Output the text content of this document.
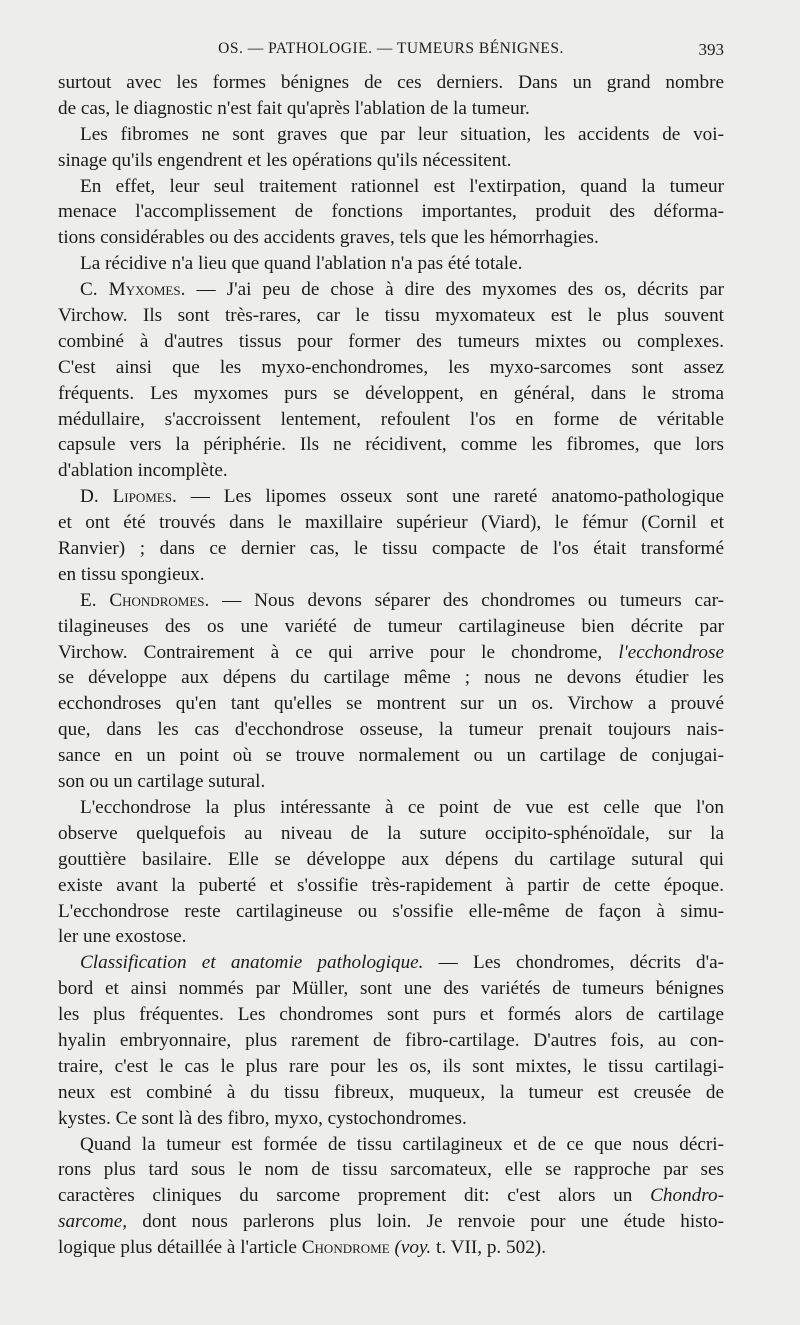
OS. — PATHOLOGIE. — TUMEURS BÉNIGNES.	393
surtout avec les formes bénignes de ces derniers. Dans un grand nombre
de cas, le diagnostic n'est fait qu'après l'ablation de la tumeur.
Les fibromes ne sont graves que par leur situation, les accidents de voi-
sinage qu'ils engendrent et les opérations qu'ils nécessitent.
En effet, leur seul traitement rationnel est l'extirpation, quand la tumeur
menace l'accomplissement de fonctions importantes, produit des déforma-
tions considérables ou des accidents graves, tels que les hémorrhagies.
La récidive n'a lieu que quand l'ablation n'a pas été totale.
C. Myxomes. — J'ai peu de chose à dire des myxomes des os, décrits par
Virchow. Ils sont très-rares, car le tissu myxomateux est le plus souvent
combiné à d'autres tissus pour former des tumeurs mixtes ou complexes.
C'est ainsi que les myxo-enchondromes, les myxo-sarcomes sont assez
fréquents. Les myxomes purs se développent, en général, dans le stroma
médullaire, s'accroissent lentement, refoulent l'os en forme de véritable
capsule vers la périphérie. Ils ne récidivent, comme les fibromes, que lors
d'ablation incomplète.
D. Lipomes. — Les lipomes osseux sont une rareté anatomo-pathologique
et ont été trouvés dans le maxillaire supérieur (Viard), le fémur (Cornil et
Ranvier) ; dans ce dernier cas, le tissu compacte de l'os était transformé
en tissu spongieux.
E. Chondromes. — Nous devons séparer des chondromes ou tumeurs car-
tilagineuses des os une variété de tumeur cartilagineuse bien décrite par
Virchow. Contrairement à ce qui arrive pour le chondrome, l'ecchondrose
se développe aux dépens du cartilage même ; nous ne devons étudier les
ecchondroses qu'en tant qu'elles se montrent sur un os. Virchow a prouvé
que, dans les cas d'ecchondrose osseuse, la tumeur prenait toujours nais-
sance en un point où se trouve normalement ou un cartilage de conjugai-
son ou un cartilage sutural.
L'ecchondrose la plus intéressante à ce point de vue est celle que l'on
observe quelquefois au niveau de la suture occipito-sphénoïdale, sur la
gouttière basilaire. Elle se développe aux dépens du cartilage sutural qui
existe avant la puberté et s'ossifie très-rapidement à partir de cette époque.
L'ecchondrose reste cartilagineuse ou s'ossifie elle-même de façon à simu-
ler une exostose.
Classification et anatomie pathologique. — Les chondromes, décrits d'a-
bord et ainsi nommés par Müller, sont une des variétés de tumeurs bénignes
les plus fréquentes. Les chondromes sont purs et formés alors de cartilage
hyalin embryonnaire, plus rarement de fibro-cartilage. D'autres fois, au con-
traire, c'est le cas le plus rare pour les os, ils sont mixtes, le tissu cartilagi-
neux est combiné à du tissu fibreux, muqueux, la tumeur est creusée de
kystes. Ce sont là des fibro, myxo, cystochondromes.
Quand la tumeur est formée de tissu cartilagineux et de ce que nous décri-
rons plus tard sous le nom de tissu sarcomateux, elle se rapproche par ses
caractères cliniques du sarcome proprement dit: c'est alors un Chondro-
sarcome, dont nous parlerons plus loin. Je renvoie pour une étude histo-
logique plus détaillée à l'article Chondrome (voy. t. VII, p. 502).
